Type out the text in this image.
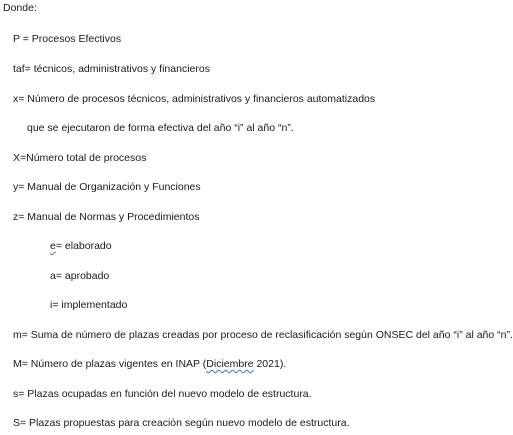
Donde:
P = Procesos Efectivos
taf= técnicos, administrativos y financieros
x= Número de procesos técnicos, administrativos y financieros automatizados
que se ejecutaron de forma efectiva del año “i” al año “n”.
X=Número total de procesos
y= Manual de Organización y Funciones
z= Manual de Normas y Procedimientos
e= elaborado
a= aprobado
i= implementado
m= Suma de número de plazas creadas por proceso de reclasificación según ONSEC del año “i” al año “n”.
M= Número de plazas vigentes en INAP (Diciembre 2021).
s= Plazas ocupadas en función del nuevo modelo de estructura.
S= Plazas propuestas para creación según nuevo modelo de estructura.
